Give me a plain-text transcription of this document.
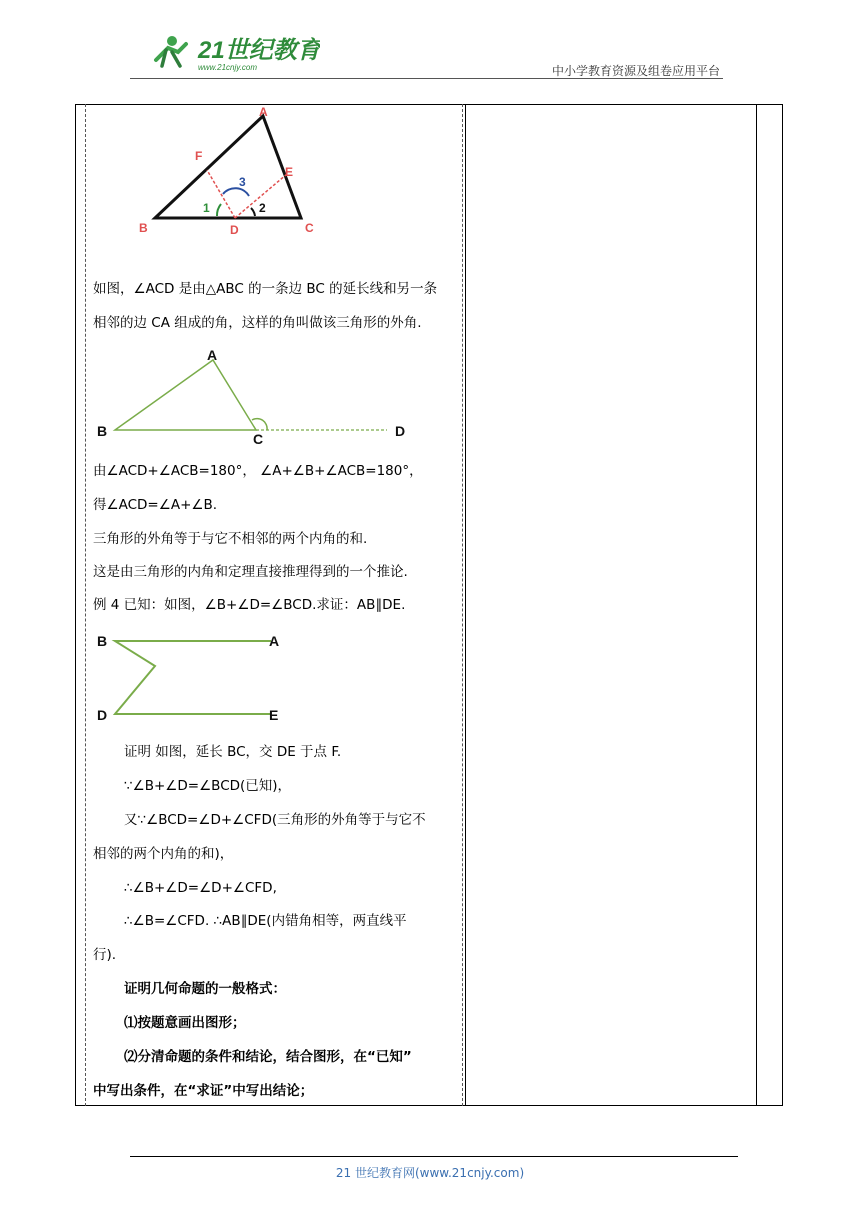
21世纪教育
www.21cnjy.com	中小学教育资源及组卷应用平台
A
B	C
D
E
F
1	2
3
如图，∠ACD 是由△ABC 的一条边 BC 的延长线和另一条
相邻的边 CA 组成的角，这样的角叫做该三角形的外角.
A
B	C	D
由∠ACD+∠ACB=180°， ∠A+∠B+∠ACB=180°，
得∠ACD=∠A+∠B.
三角形的外角等于与它不相邻的两个内角的和.
这是由三角形的内角和定理直接推理得到的一个推论.
例 4 已知：如图，∠B+∠D=∠BCD.求证：AB∥DE.
B	A
D	E
证明 如图，延长 BC，交 DE 于点 F.
∵∠B+∠D=∠BCD(已知)，
又∵∠BCD=∠D+∠CFD(三角形的外角等于与它不
相邻的两个内角的和)，
∴∠B+∠D=∠D+∠CFD,
∴∠B=∠CFD. ∴AB∥DE(内错角相等，两直线平
行).
证明几何命题的一般格式：
⑴按题意画出图形；
⑵分清命题的条件和结论，结合图形，在“已知”
中写出条件，在“求证”中写出结论；
21 世纪教育网(www.21cnjy.com)
